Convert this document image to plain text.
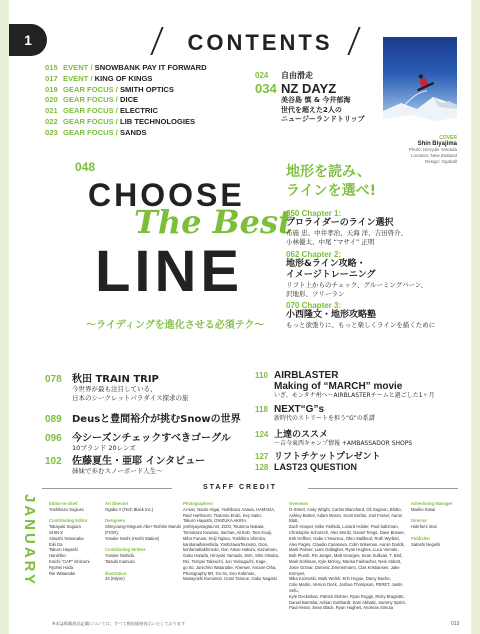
1	CONTENTS
015 EVENT / SNOWBANK PAY IT FORWARD
017 EVENT / KING OF KINGS
019 GEAR FOCUS / SMITH OPTICS
020 GEAR FOCUS / DICE
021 GEAR FOCUS / ELECTRIC
022 GEAR FOCUS / LIB TECHNOLOGIES
023 GEAR FOCUS / SANDS
024 自由滑走
034 NZ DAYZ
美谷島 慎 & 今井郁海
世代を超えた2人の
ニュージーランドトリップ
COVER
Shin Biyajima
Photo: Hiroyuki Yamada
Location: New Zealand
Design: Ogaball
048
CHOOSE
The Best
LINE
〜ライディングを進化させる必須テク〜
地形を読み、
ラインを選べ!
050 Chapter 1:
プロライダーのライン選択
布施 忠、中井孝治、天海 洋、吉田啓介、
小林優太、中尾 “マサイ” 正明
062 Chapter 2:
地形&ライン攻略・
イメージトレーニング
リフト上からのチェック、グルーミングバーン、
沢地形、ツリーラン
070 Chapter 3:
小西隆文・地形攻略塾
もっと欲張りに、もっと楽しくラインを描くために
078 秋田 TRAIN TRIP
今世界が最も注目している、
日本のシークレットパラダイス探求の旅
089 Deusと豊間裕介が挑むSnowの世界
096 今シーズンチェックすべきゴーグル
10ブランド 20レンズ
102 佐藤夏生・亜耶 インタビュー
姉妹で歩むスノーボード人生〜
110 AIRBLASTER
Making of “MARCH” movie
いざ、モンタナ州へ〜AIRBLASTERチームと過ごした1ヶ月
118 NEXT“G”s
新時代のストリートを担う“G”の系譜
124 上達のススメ
〜吉今東西キャンプ情報 +AMBASSADOR SHOPS
127 リフトチケットプレゼント
128 LAST23 QUESTION
STAFF CREDIT
JANUARY	Editor-in-chief
Yoshikazu Sugiura

Contributing Editor
Takayuki Sugiura
SHIN-Z
Atsushi Yamanaka
Eiki Ga
Takuro Hayashi
Haruhiko
Koichi “CAP” Ishizumi
Ryohei Hada
Rie Watanabe
Art Director
Ogaba !! (Tech Black Inc.)

Designers
Shinyoung+Megumi Abe+Toshimi Maruki (FIGR),
Yosuke Noshi (Hoshi Station)

Contributing Writers
Yusuke Nishida
Tatsuki Inamura

Illustration
34 (Miyon)
Photographers
Ai-san, Naoto Higai, Yoshikazu Azawa, HAMADA,
Reid Harthoorn, Tsutomu Endo, Key Saito,
Takuro Hayashi, ONIZUKA AKIRA,
yoshiyayaragita.net, ZIZO, Tsutomu Nakata,
Tomokazu Kuwano, Itachan, AirSoD, Taro Koaji,
Miho Furuse, Keiji Tajima, Yoshihiro Shimizu,
karidanaifukeshida, YoshizawaTsumoto, Gion,
kenfarnaltakhmedo, Oar, Atsuo Hakuru, Kazumaru,
Gaku Harada, Hiroyuki Yamada, 1MA, Shin Otsuka,
Rei, Tempei Takeuchi, Jun Yamaguchi, Kage,
go Ito, Junichiro Watanabe, Ahenwe, Amane Oiha,
Photography 9R, Go Ito, Ken Kobinoto,
Masayoshi Kumimori, Izumi Tanoue, Gaku Nagatsi
Overseas
G-Street, Andy Wright, Carlos Blanchard, Oli Gagnon, Blotto,
Ashley Barker, Adam Moran, Scott Serfas, Joel Fraser, Aaron Blatt,
Zach Hooper, Mike Yoshida, Lozard Holder, Paul Saltzman,
Christophe Schorech, Alex Moritz, Daniel Tengs, Dave Brewer,
Erik Hoffner, Gabe L'Heureux, Oleo Stallbeuf, Ruth Wyrfeld,
Alex Pagés, Claudio Casanova, Colin Wiseman, Aaron Dodds,
Mark Palmer, Liam Gallagher, Ryan Hughes, Luca Vernale,
Bob Plumb, Pin Janger, Matt Georges, Sean Sullivan, T. Bird,
Mark Kohlman, Kyle McKoy, Marisa Fairbacher, Nele Abbott,
Josie Grznar, Dominic Zimmermann, Clas Kristiansen, Jake Kernyes,
Mika Kozevski, Mark Welsh, Erin Hogue, Darcy Bache,
Cole Martin, Vernon Deck, Joshua Thompson, PERET, Justin Sefu,
Kyle Decknikan, Patrick Stohrer, Ryan Ruggs, Ricky Bragiotto,
Daniel Barnslat, Adrian Gotthardt, Sam Abbatic, Sammy Sprint,
Paul Heran, Sean Black, Ryan Hughes, Andreas Simuta
Advertising Manager
Mariko Kasai

Director
Hidefumi Imai

Publisher
Satoshi Negishi
※本誌掲載商品記載については、すべて税抜価格表示いたしております	013
